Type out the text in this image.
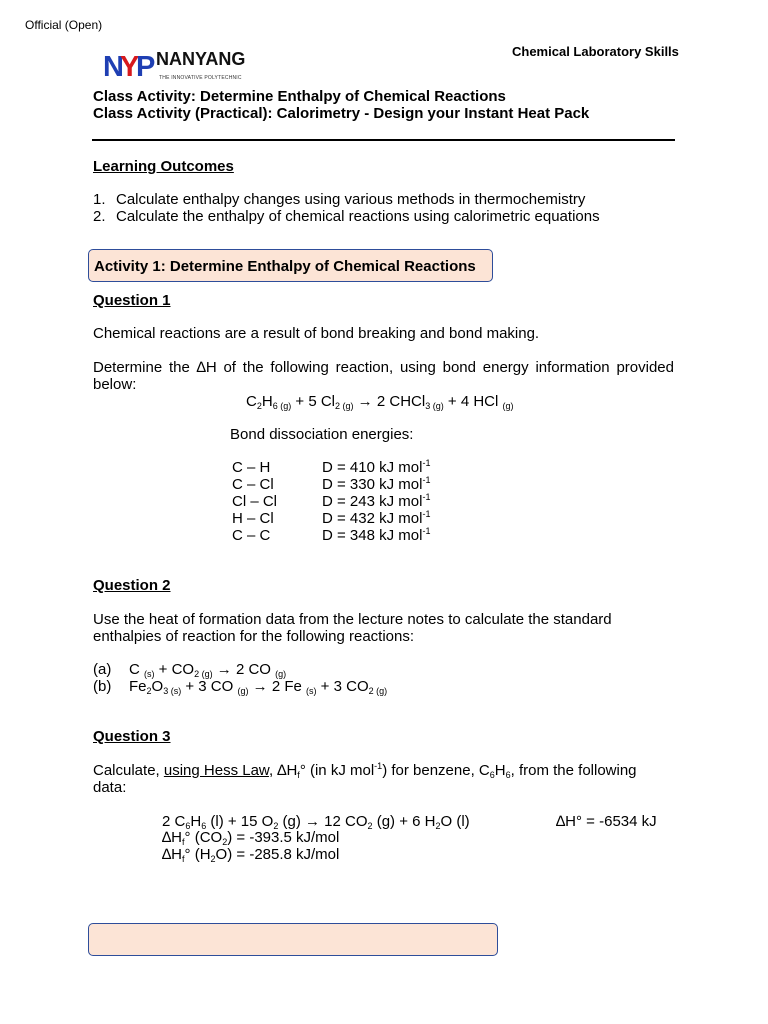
Official (Open)
Chemical Laboratory Skills
N
Y
P NANYANG
THE INNOVATIVE POLYTECHNIC
Class Activity: Determine Enthalpy of Chemical Reactions
Class Activity (Practical): Calorimetry - Design your Instant Heat Pack
Learning Outcomes
1. Calculate enthalpy changes using various methods in thermochemistry
2. Calculate the enthalpy of chemical reactions using calorimetric equations
Activity 1: Determine Enthalpy of Chemical Reactions
Question 1
Chemical reactions are a result of bond breaking and bond making.
Determine the ∆H of the following reaction, using bond energy information provided below:
$C_2H_{6 (g)} + 5$ $Cl_{2 (g)} \to 2$ CHCl$_{3 (g)}$ + 4 HCl $_{(g)}$
Bond dissociation energies:
C – H	D = 410 kJ mol$^{-1}$
C – Cl	D = 330 kJ mol$^{-1}$
Cl – Cl	D = 243 kJ mol$^{-1}$
H – Cl	D = 432 kJ mol$^{-1}$
C – C	D = 348 kJ mol$^{-1}$
Question 2
Use the heat of formation data from the lecture notes to calculate the standard enthalpies of reaction for the following reactions:
(a) C $_{(s)} + CO_{2 (g)} \to 2$ CO $_{(g)}$
(b) $Fe_2O_{3 (s)} + 3$ CO $_{(g)}$ → 2 Fe $_{(s)}$ + 3 $CO_{2 (g)}$
Question 3
Calculate, using Hess Law, $\Delta H_f^\circ$ (in kJ mol$^{-1}$) for benzene, $C_6H_6$, from the following data:
2 $C_6H_6$ (l) + 15 $O_2$ (g) → 12 $CO_2$ (g) + 6 $H_2O$ (l)	∆H° = -6534 kJ
$\Delta H_f^\circ$ $(CO_2) = -393.5$ kJ/mol
$\Delta H_f^\circ$ $(H_2O) = -285.8$ kJ/mol
